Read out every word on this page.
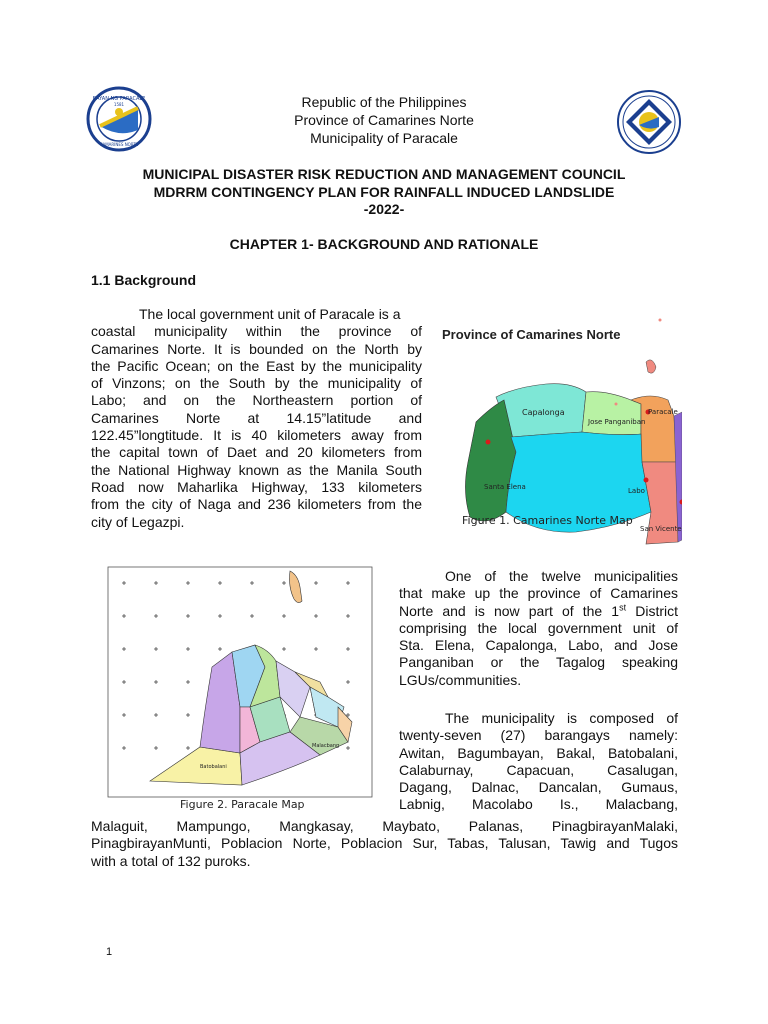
BAYAN NG PARACALE
1581
CAMARINES NORTE
Republic of the Philippines
Province of Camarines Norte
Municipality of Paracale
MUNICIPAL DISASTER RISK REDUCTION AND MANAGEMENT COUNCIL
MDRRM CONTINGENCY PLAN FOR RAINFALL INDUCED LANDSLIDE
-2022-
CHAPTER 1- BACKGROUND AND RATIONALE
1.1 Background
The local government unit of Paracale is a
coastal municipality within the province of
Camarines Norte. It is bounded on the North by
the Pacific Ocean; on the East by the municipality
of Vinzons; on the South by the municipality of
Labo; and on the Northeastern portion of
Camarines Norte at 14.15”latitude and
122.45”longtitude. It is 40 kilometers away from
the capital town of Daet and 20 kilometers from
the National Highway known as the Manila South
Road now Maharlika Highway, 133 kilometers
from the city of Naga and 236 kilometers from the
city of Legazpi.
Province of Camarines Norte
Capalonga
Jose Panganiban
Paracale
Santa Elena	Labo
San Vicente
Figure 1. Camarines Norte Map
Batobalani
Malacbang
Figure 2. Paracale Map
One of the twelve municipalities
that make up the province of Camarines
Norte and is now part of the 1st District
comprising the local government unit of
Sta. Elena, Capalonga, Labo, and Jose
Panganiban or the Tagalog speaking
LGUs/communities.
The municipality is composed of
twenty-seven (27) barangays namely:
Awitan, Bagumbayan, Bakal, Batobalani,
Calaburnay, Capacuan, Casalugan,
Dagang, Dalnac, Dancalan, Gumaus,
Labnig, Macolabo Is., Malacbang,
Malaguit, Mampungo, Mangkasay, Maybato, Palanas, PinagbirayanMalaki,
PinagbirayanMunti, Poblacion Norte, Poblacion Sur, Tabas, Talusan, Tawig and Tugos
with a total of 132 puroks.
1
